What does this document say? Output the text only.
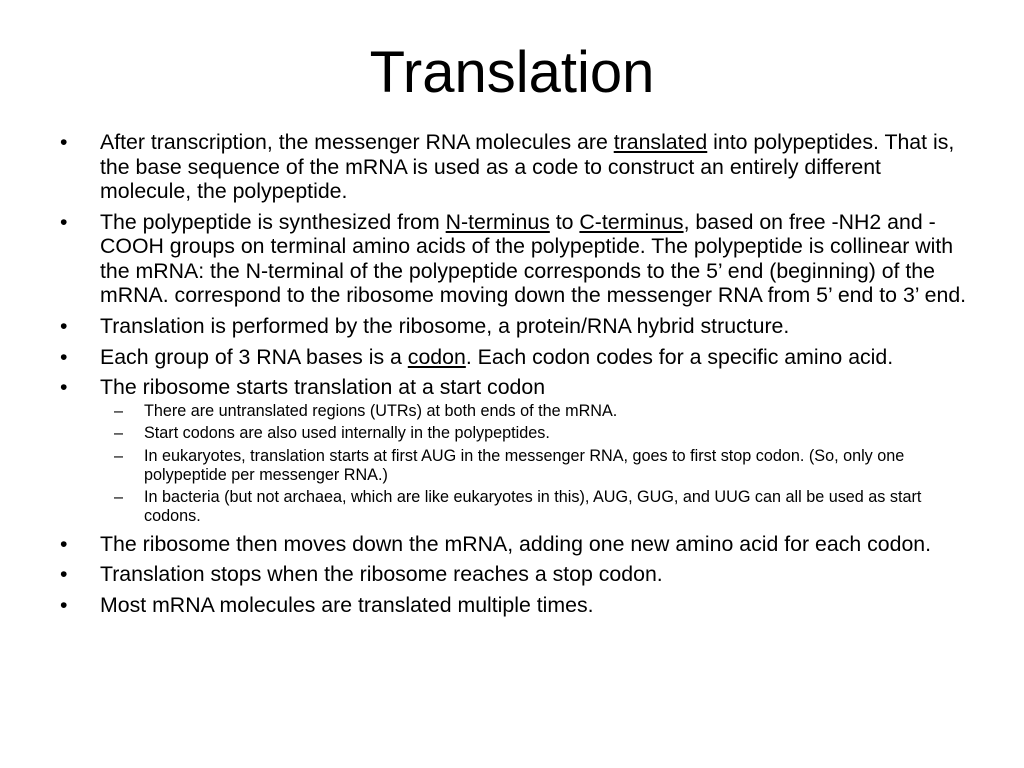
Translation
•	After transcription, the messenger RNA molecules are translated into polypeptides. That is, the base sequence of the mRNA is used as a code to construct an entirely different molecule, the polypeptide.
•	The polypeptide is synthesized from N-terminus to C-terminus, based on free -NH2 and -COOH groups on terminal amino acids of the polypeptide. The polypeptide is collinear with the mRNA: the N-terminal of the polypeptide corresponds to the 5’ end (beginning) of the mRNA. correspond to the ribosome moving down the messenger RNA from 5’ end to 3’ end.
•	Translation is performed by the ribosome, a protein/RNA hybrid structure.
•	Each group of 3 RNA bases is a codon. Each codon codes for a specific amino acid.
•	The ribosome starts translation at a start codon
– There are untranslated regions (UTRs) at both ends of the mRNA.
– Start codons are also used internally in the polypeptides.
– In eukaryotes, translation starts at first AUG in the messenger RNA, goes to first stop codon. (So, only one polypeptide per messenger RNA.)
– In bacteria (but not archaea, which are like eukaryotes in this), AUG, GUG, and UUG can all be used as start codons.
•	The ribosome then moves down the mRNA, adding one new amino acid for each codon.
•	Translation stops when the ribosome reaches a stop codon.
•	Most mRNA molecules are translated multiple times.
